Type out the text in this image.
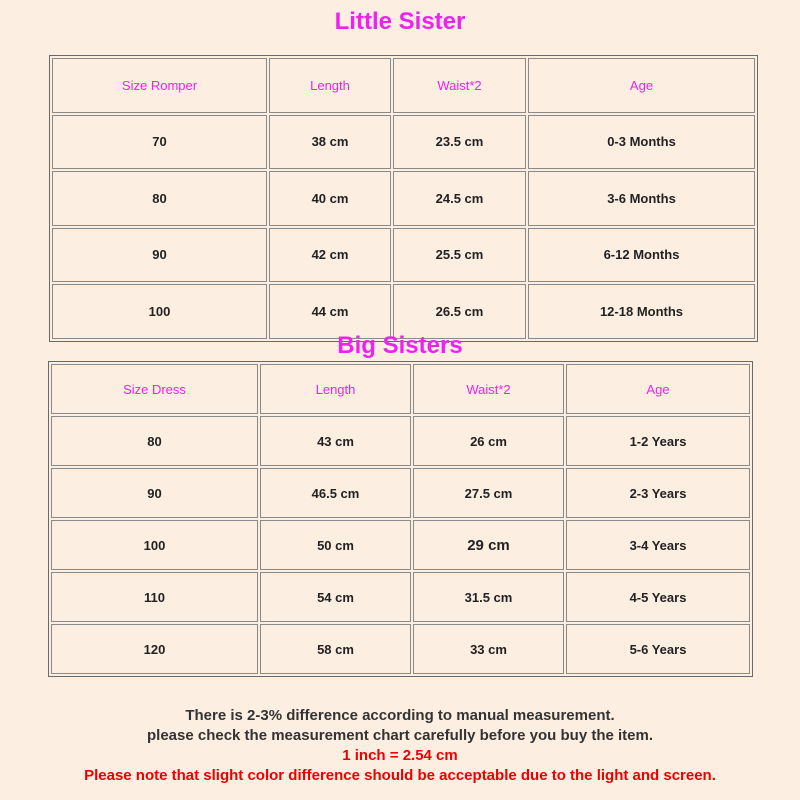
Little Sister
Size Romper	Length	Waist*2	Age
70	38 cm	23.5 cm	0-3 Months
80	40 cm	24.5 cm	3-6 Months
90	42 cm	25.5 cm	6-12 Months
100	44 cm	26.5 cm	12-18 Months
Big Sisters
Size Dress	Length	Waist*2	Age
80	43 cm	26 cm	1-2 Years
90	46.5 cm	27.5 cm	2-3 Years
100	50 cm	29 cm	3-4 Years
110	54 cm	31.5 cm	4-5 Years
120	58 cm	33 cm	5-6 Years
There is 2-3% difference according to manual measurement.
please check the measurement chart carefully before you buy the item.
1 inch = 2.54 cm
Please note that slight color difference should be acceptable due to the light and screen.
